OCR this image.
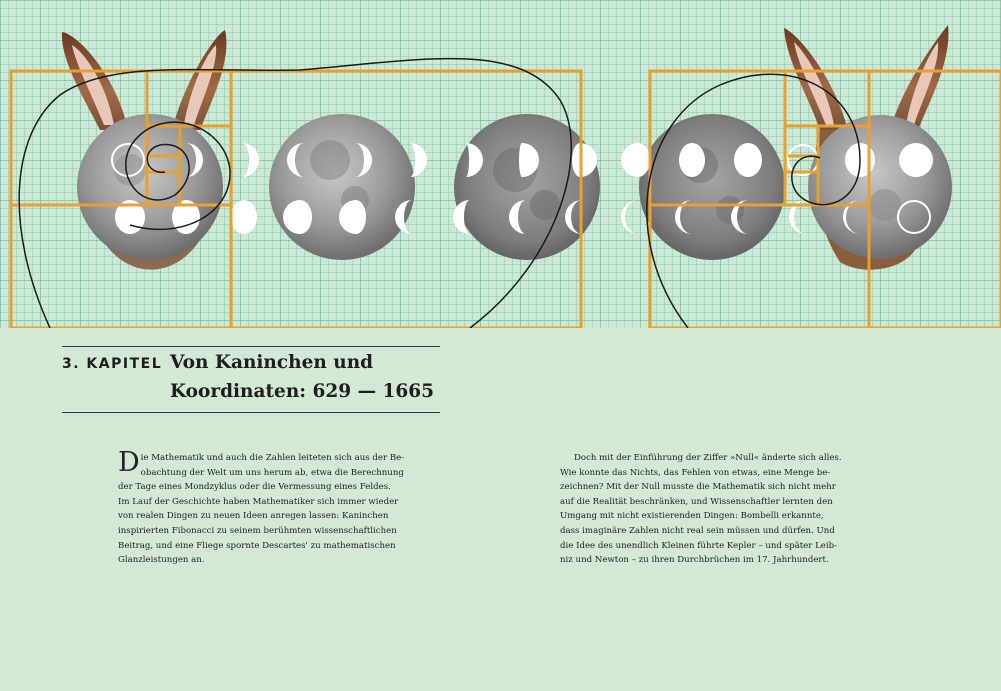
3. KAPITEL Von Kaninchen und
Koordinaten: 629 — 1665
D ie Mathematik und auch die Zahlen leiteten sich aus der Be-
obachtung der Welt um uns herum ab, etwa die Berechnung
der Tage eines Mondzyklus oder die Vermessung eines Feldes.
Im Lauf der Geschichte haben Mathematiker sich immer wieder
von realen Dingen zu neuen Ideen anregen lassen: Kaninchen
inspirierten Fibonacci zu seinem berühmten wissenschaftlichen
Beitrag, und eine Fliege spornte Descartes' zu mathematischen
Glanzleistungen an.
Doch mit der Einführung der Ziffer »Null« änderte sich alles.
Wie konnte das Nichts, das Fehlen von etwas, eine Menge be-
zeichnen? Mit der Null musste die Mathematik sich nicht mehr
auf die Realität beschränken, und Wissenschaftler lernten den
Umgang mit nicht existierenden Dingen: Bombelli erkannte,
dass imaginäre Zahlen nicht real sein müssen und dürfen. Und
die Idee des unendlich Kleinen führte Kepler – und später Leib-
niz und Newton – zu ihren Durchbrüchen im 17. Jahrhundert.
